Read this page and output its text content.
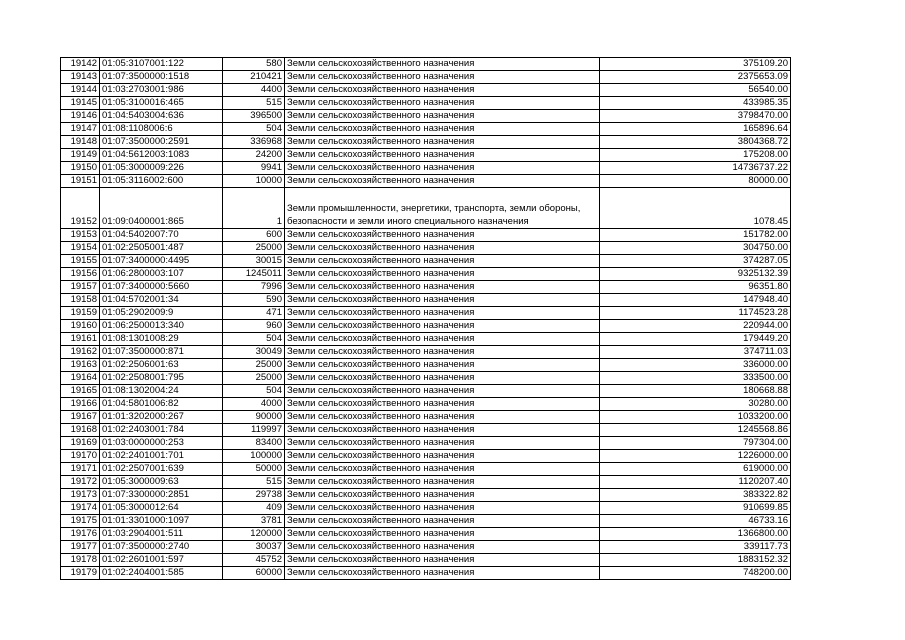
19142	01:05:3107001:122	580	Земли сельскохозяйственного назначения	375109.20
19143	01:07:3500000:1518	210421	Земли сельскохозяйственного назначения	2375653.09
19144	01:03:2703001:986	4400	Земли сельскохозяйственного назначения	56540.00
19145	01:05:3100016:465	515	Земли сельскохозяйственного назначения	433985.35
19146	01:04:5403004:636	396500	Земли сельскохозяйственного назначения	3798470.00
19147	01:08:1108006:6	504	Земли сельскохозяйственного назначения	165896.64
19148	01:07:3500000:2591	336968	Земли сельскохозяйственного назначения	3804368.72
19149	01:04:5612003:1083	24200	Земли сельскохозяйственного назначения	175208.00
19150	01:05:3000009:226	9941	Земли сельскохозяйственного назначения	14736737.22
19151	01:05:3116002:600	10000	Земли сельскохозяйственного назначения	80000.00
19152	01:09:0400001:865	1	Земли промышленности, энергетики, транспорта, земли обороны, безопасности и земли иного специального назначения	1078.45
19153	01:04:5402007:70	600	Земли сельскохозяйственного назначения	151782.00
19154	01:02:2505001:487	25000	Земли сельскохозяйственного назначения	304750.00
19155	01:07:3400000:4495	30015	Земли сельскохозяйственного назначения	374287.05
19156	01:06:2800003:107	1245011	Земли сельскохозяйственного назначения	9325132.39
19157	01:07:3400000:5660	7996	Земли сельскохозяйственного назначения	96351.80
19158	01:04:5702001:34	590	Земли сельскохозяйственного назначения	147948.40
19159	01:05:2902009:9	471	Земли сельскохозяйственного назначения	1174523.28
19160	01:06:2500013:340	960	Земли сельскохозяйственного назначения	220944.00
19161	01:08:1301008:29	504	Земли сельскохозяйственного назначения	179449.20
19162	01:07:3500000:871	30049	Земли сельскохозяйственного назначения	374711.03
19163	01:02:2506001:63	25000	Земли сельскохозяйственного назначения	336000.00
19164	01:02:2508001:795	25000	Земли сельскохозяйственного назначения	333500.00
19165	01:08:1302004:24	504	Земли сельскохозяйственного назначения	180668.88
19166	01:04:5801006:82	4000	Земли сельскохозяйственного назначения	30280.00
19167	01:01:3202000:267	90000	Земли сельскохозяйственного назначения	1033200.00
19168	01:02:2403001:784	119997	Земли сельскохозяйственного назначения	1245568.86
19169	01:03:0000000:253	83400	Земли сельскохозяйственного назначения	797304.00
19170	01:02:2401001:701	100000	Земли сельскохозяйственного назначения	1226000.00
19171	01:02:2507001:639	50000	Земли сельскохозяйственного назначения	619000.00
19172	01:05:3000009:63	515	Земли сельскохозяйственного назначения	1120207.40
19173	01:07:3300000:2851	29738	Земли сельскохозяйственного назначения	383322.82
19174	01:05:3000012:64	409	Земли сельскохозяйственного назначения	910699.85
19175	01:01:3301000:1097	3781	Земли сельскохозяйственного назначения	46733.16
19176	01:03:2904001:511	120000	Земли сельскохозяйственного назначения	1366800.00
19177	01:07:3500000:2740	30037	Земли сельскохозяйственного назначения	339117.73
19178	01:02:2601001:597	45752	Земли сельскохозяйственного назначения	1883152.32
19179	01:02:2404001:585	60000	Земли сельскохозяйственного назначения	748200.00
